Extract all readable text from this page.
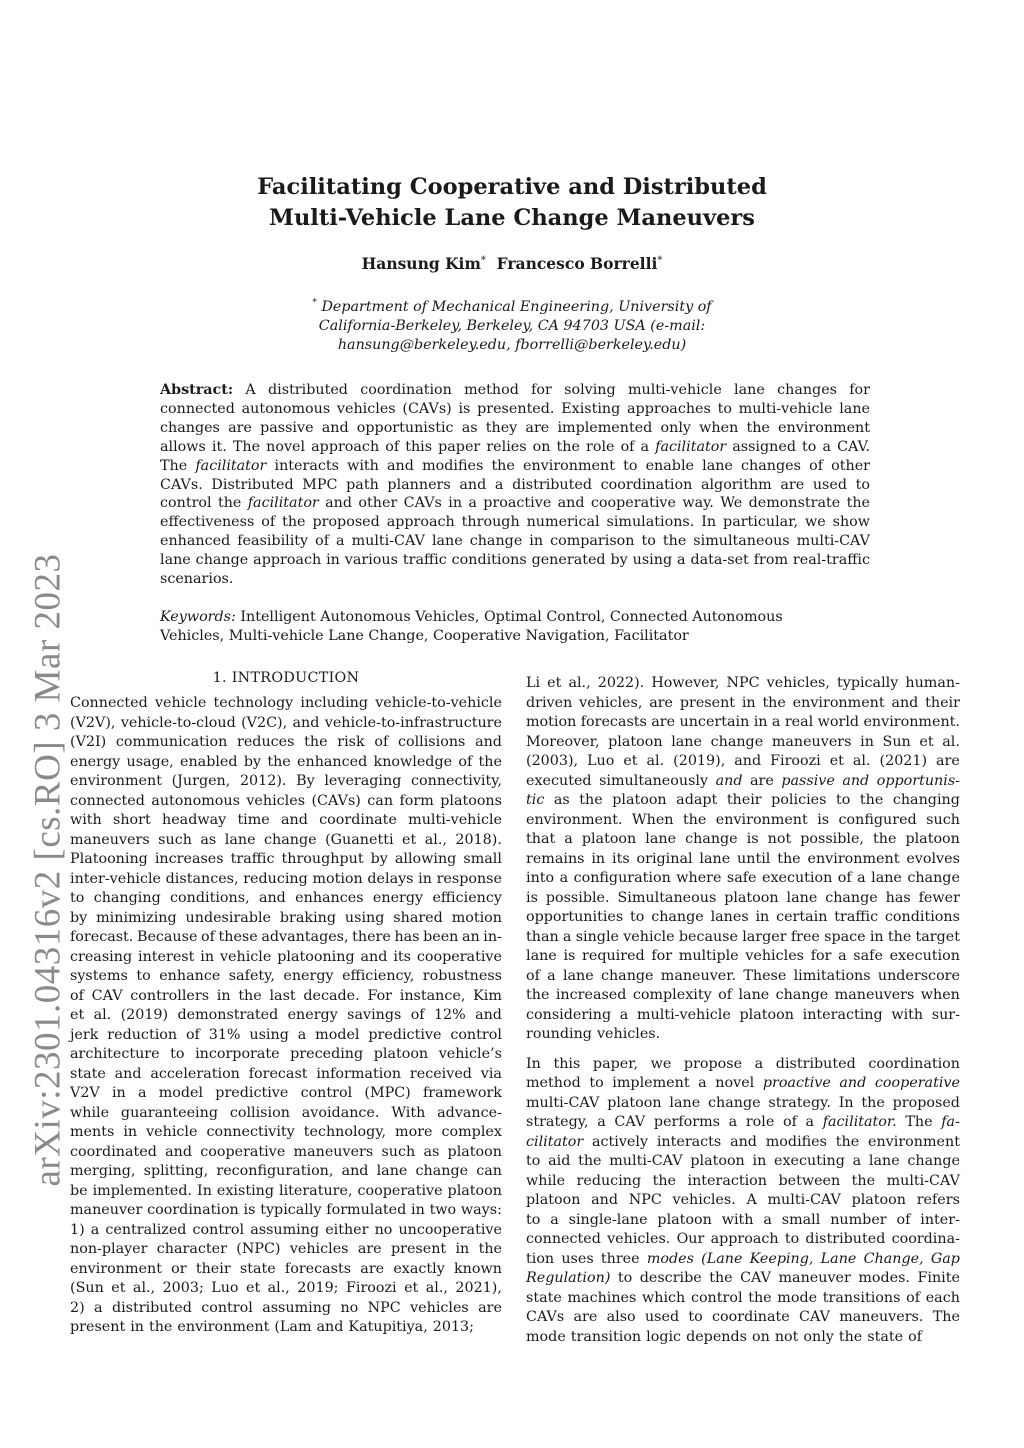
arXiv:2301.04316v2 [cs.RO] 3 Mar 2023
Facilitating Cooperative and Distributed
Multi-Vehicle Lane Change Maneuvers
Hansung Kim* Francesco Borrelli*
* Department of Mechanical Engineering, University of
California-Berkeley, Berkeley, CA 94703 USA (e-mail:
hansung@berkeley.edu, fborrelli@berkeley.edu)
Abstract: A distributed coordination method for solving multi-vehicle lane changes for connected autonomous vehicles (CAVs) is presented. Existing approaches to multi-vehicle lane changes are passive and opportunistic as they are implemented only when the environment allows it. The novel approach of this paper relies on the role of a facilitator assigned to a CAV. The facilitator interacts with and modifies the environment to enable lane changes of other CAVs. Distributed MPC path planners and a distributed coordination algorithm are used to control the facilitator and other CAVs in a proactive and cooperative way. We demonstrate the effectiveness of the proposed approach through numerical simulations. In particular, we show enhanced feasibility of a multi-CAV lane change in comparison to the simultaneous multi-CAV lane change approach in various traffic conditions generated by using a data-set from real-traffic scenarios.
Keywords: Intelligent Autonomous Vehicles, Optimal Control, Connected Autonomous
Vehicles, Multi-vehicle Lane Change, Cooperative Navigation, Facilitator
1. INTRODUCTION
Connected vehicle technology including vehicle-to-vehicle
(V2V), vehicle-to-cloud (V2C), and vehicle-to-infrastructure
(V2I) communication reduces the risk of collisions and
energy usage, enabled by the enhanced knowledge of the
environment (Jurgen, 2012). By leveraging connectivity,
connected autonomous vehicles (CAVs) can form platoons
with short headway time and coordinate multi-vehicle
maneuvers such as lane change (Guanetti et al., 2018).
Platooning increases traffic throughput by allowing small
inter-vehicle distances, reducing motion delays in response
to changing conditions, and enhances energy efficiency
by minimizing undesirable braking using shared motion
forecast. Because of these advantages, there has been an in-
creasing interest in vehicle platooning and its cooperative
systems to enhance safety, energy efficiency, robustness
of CAV controllers in the last decade. For instance, Kim
et al. (2019) demonstrated energy savings of 12% and
jerk reduction of 31% using a model predictive control
architecture to incorporate preceding platoon vehicle’s
state and acceleration forecast information received via
V2V in a model predictive control (MPC) framework
while guaranteeing collision avoidance. With advance-
ments in vehicle connectivity technology, more complex
coordinated and cooperative maneuvers such as platoon
merging, splitting, reconfiguration, and lane change can
be implemented. In existing literature, cooperative platoon
maneuver coordination is typically formulated in two ways:
1) a centralized control assuming either no uncooperative
non-player character (NPC) vehicles are present in the
environment or their state forecasts are exactly known
(Sun et al., 2003; Luo et al., 2019; Firoozi et al., 2021),
2) a distributed control assuming no NPC vehicles are
present in the environment (Lam and Katupitiya, 2013;
Li et al., 2022). However, NPC vehicles, typically human-
driven vehicles, are present in the environment and their
motion forecasts are uncertain in a real world environment.
Moreover, platoon lane change maneuvers in Sun et al.
(2003), Luo et al. (2019), and Firoozi et al. (2021) are
executed simultaneously and are passive and opportunis-
tic as the platoon adapt their policies to the changing
environment. When the environment is configured such
that a platoon lane change is not possible, the platoon
remains in its original lane until the environment evolves
into a configuration where safe execution of a lane change
is possible. Simultaneous platoon lane change has fewer
opportunities to change lanes in certain traffic conditions
than a single vehicle because larger free space in the target
lane is required for multiple vehicles for a safe execution
of a lane change maneuver. These limitations underscore
the increased complexity of lane change maneuvers when
considering a multi-vehicle platoon interacting with sur-
rounding vehicles.
In this paper, we propose a distributed coordination
method to implement a novel proactive and cooperative
multi-CAV platoon lane change strategy. In the proposed
strategy, a CAV performs a role of a facilitator. The fa-
cilitator actively interacts and modifies the environment
to aid the multi-CAV platoon in executing a lane change
while reducing the interaction between the multi-CAV
platoon and NPC vehicles. A multi-CAV platoon refers
to a single-lane platoon with a small number of inter-
connected vehicles. Our approach to distributed coordina-
tion uses three modes (Lane Keeping, Lane Change, Gap
Regulation) to describe the CAV maneuver modes. Finite
state machines which control the mode transitions of each
CAVs are also used to coordinate CAV maneuvers. The
mode transition logic depends on not only the state of
